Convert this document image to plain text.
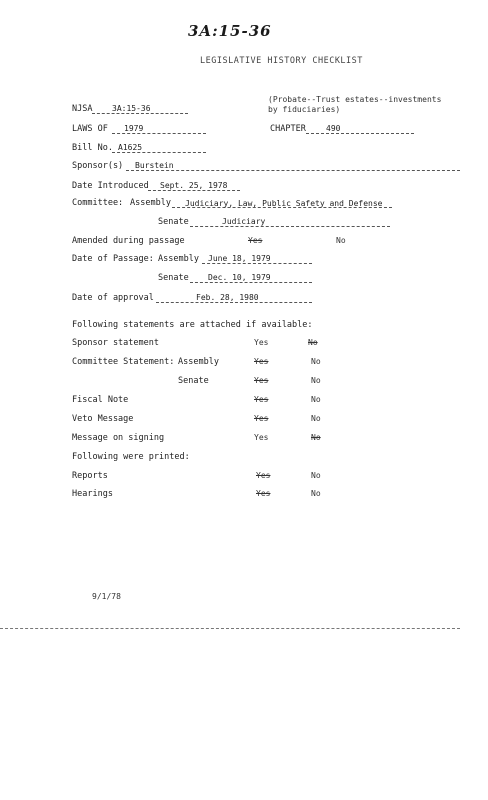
3A:15-36
LEGISLATIVE HISTORY CHECKLIST
NJSA 3A:15-36
(Probate--Trust estates--investments by fiduciaries)
LAWS OF 1979	CHAPTER	490
Bill No. A1625
Sponsor(s) Burstein
Date Introduced Sept. 25, 1978
Committee: Assembly Judiciary, Law, Public Safety and Defense
Senate	Judiciary
Amended during passage	Yes	No
Date of Passage: Assembly June 18, 1979
Senate Dec. 10, 1979
Date of approval	Feb. 28, 1980
Following statements are attached if available:
Sponsor statement	Yes	No
Committee Statement: Assembly	Yes	No
Senate	Yes	No
Fiscal Note	Yes	No
Veto Message	Yes	No
Message on signing	Yes	No
Following were printed:
Reports	Yes	No
Hearings	Yes	No
9/1/78
